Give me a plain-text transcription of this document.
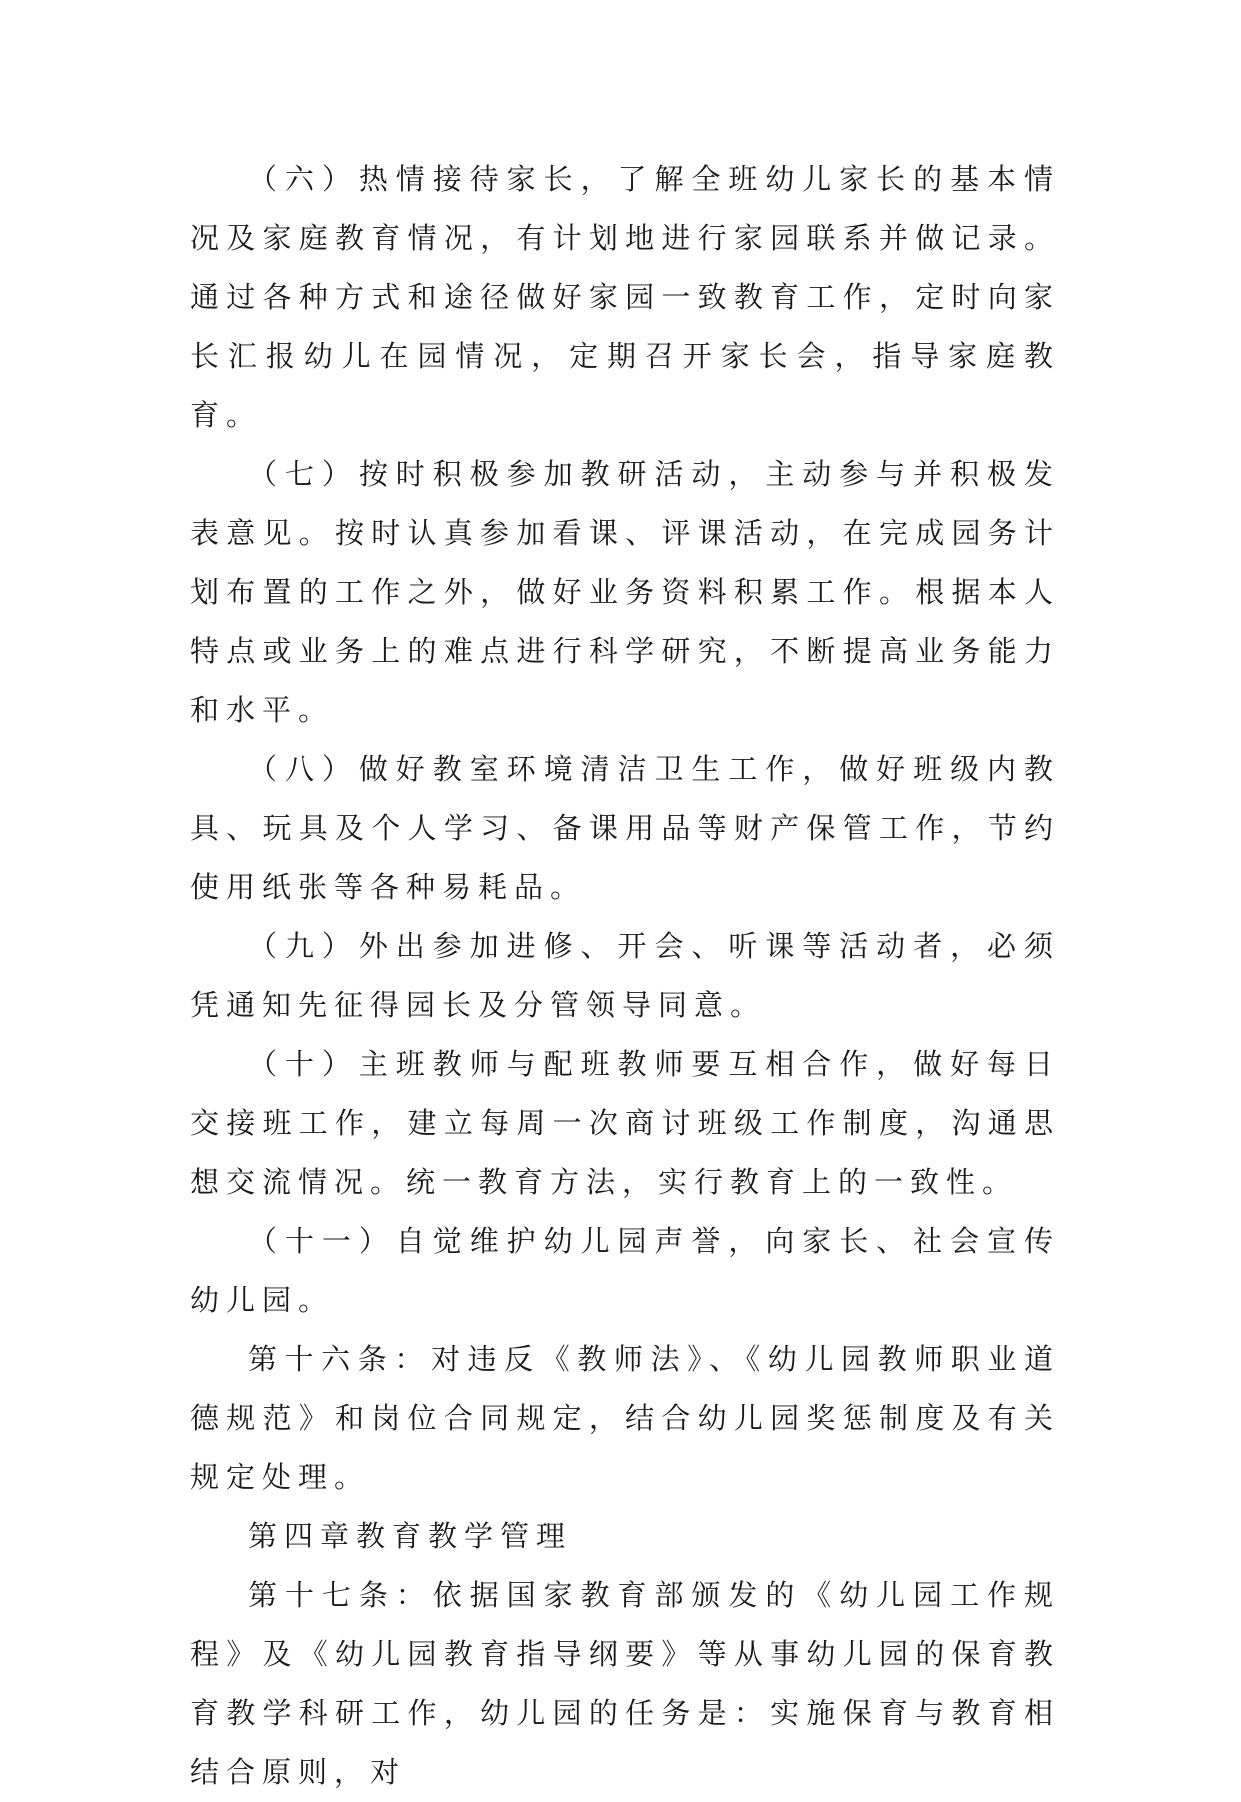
（六）热情接待家长，了解全班幼儿家长的基本情况及家庭教育情况，有计划地进行家园联系并做记录。通过各种方式和途径做好家园一致教育工作，定时向家长汇报幼儿在园情况，定期召开家长会，指导家庭教育。

（七）按时积极参加教研活动，主动参与并积极发表意见。按时认真参加看课、评课活动，在完成园务计划布置的工作之外，做好业务资料积累工作。根据本人特点或业务上的难点进行科学研究，不断提高业务能力和水平。

（八）做好教室环境清洁卫生工作，做好班级内教具、玩具及个人学习、备课用品等财产保管工作，节约使用纸张等各种易耗品。

（九）外出参加进修、开会、听课等活动者，必须凭通知先征得园长及分管领导同意。

（十）主班教师与配班教师要互相合作，做好每日交接班工作，建立每周一次商讨班级工作制度，沟通思想交流情况。统一教育方法，实行教育上的一致性。

（十一）自觉维护幼儿园声誉，向家长、社会宣传幼儿园。

第十六条：对违反《教师法》、《幼儿园教师职业道德规范》和岗位合同规定，结合幼儿园奖惩制度及有关规定处理。

第四章教育教学管理

第十七条：依据国家教育部颁发的《幼儿园工作规程》及《幼儿园教育指导纲要》等从事幼儿园的保育教育教学科研工作，幼儿园的任务是：实施保育与教育相结合原则，对
